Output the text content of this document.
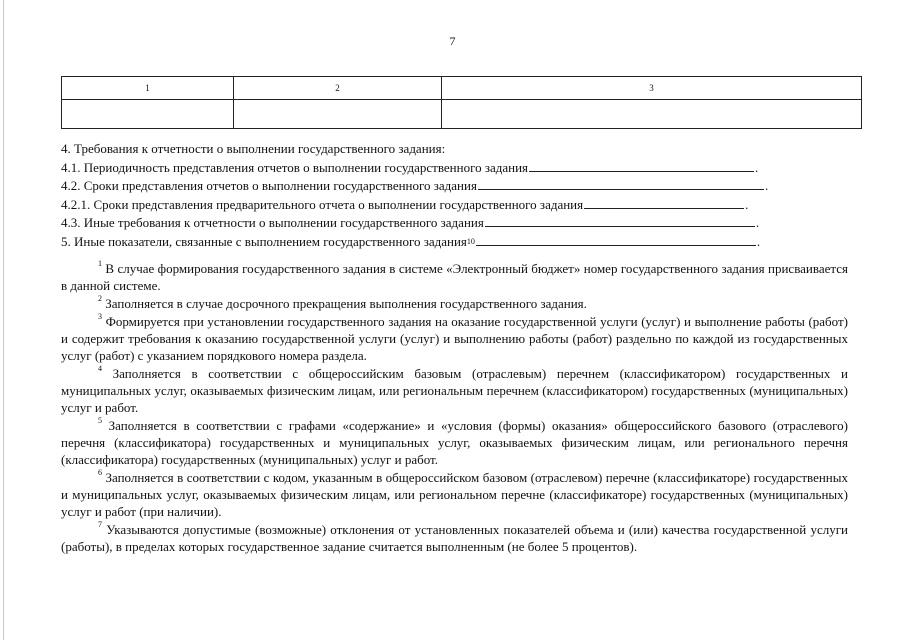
7
1	2	3

4. Требования к отчетности о выполнении государственного задания:
4.1. Периодичность представления отчетов о выполнении государственного задания	.
4.2. Сроки представления отчетов о выполнении государственного задания	.
4.2.1. Сроки представления предварительного отчета о выполнении государственного задания	.
4.3. Иные требования к отчетности о выполнении государственного задания	.
5. Иные показатели, связанные с выполнением государственного задания $^{10}$	.

$^1$ В случае формирования государственного задания в системе «Электронный бюджет» номер государственного задания присваивается в данной системе.

$^2$ Заполняется в случае досрочного прекращения выполнения государственного задания.

$^3$ Формируется при установлении государственного задания на оказание государственной услуги (услуг) и выполнение работы (работ) и содержит требования к оказанию государственной услуги (услуг) и выполнению работы (работ) раздельно по каждой из государственных услуг (работ) с указанием порядкового номера раздела.

$^4$ Заполняется в соответствии с общероссийским базовым (отраслевым) перечнем (классификатором) государственных и муниципальных услуг, оказываемых физическим лицам, или региональным перечнем (классификатором) государственных (муниципальных) услуг и работ.

$^5$ Заполняется в соответствии с графами «содержание» и «условия (формы) оказания» общероссийского базового (отраслевого) перечня (классификатора) государственных и муниципальных услуг, оказываемых физическим лицам, или регионального перечня (классификатора) государственных (муниципальных) услуг и работ.

$^6$ Заполняется в соответствии с кодом, указанным в общероссийском базовом (отраслевом) перечне (классификаторе) государственных и муниципальных услуг, оказываемых физическим лицам, или региональном перечне (классификаторе) государственных (муниципальных) услуг и работ (при наличии).

$^7$ Указываются допустимые (возможные) отклонения от установленных показателей объема и (или) качества государственной услуги (работы), в пределах которых государственное задание считается выполненным (не более 5 процентов).
